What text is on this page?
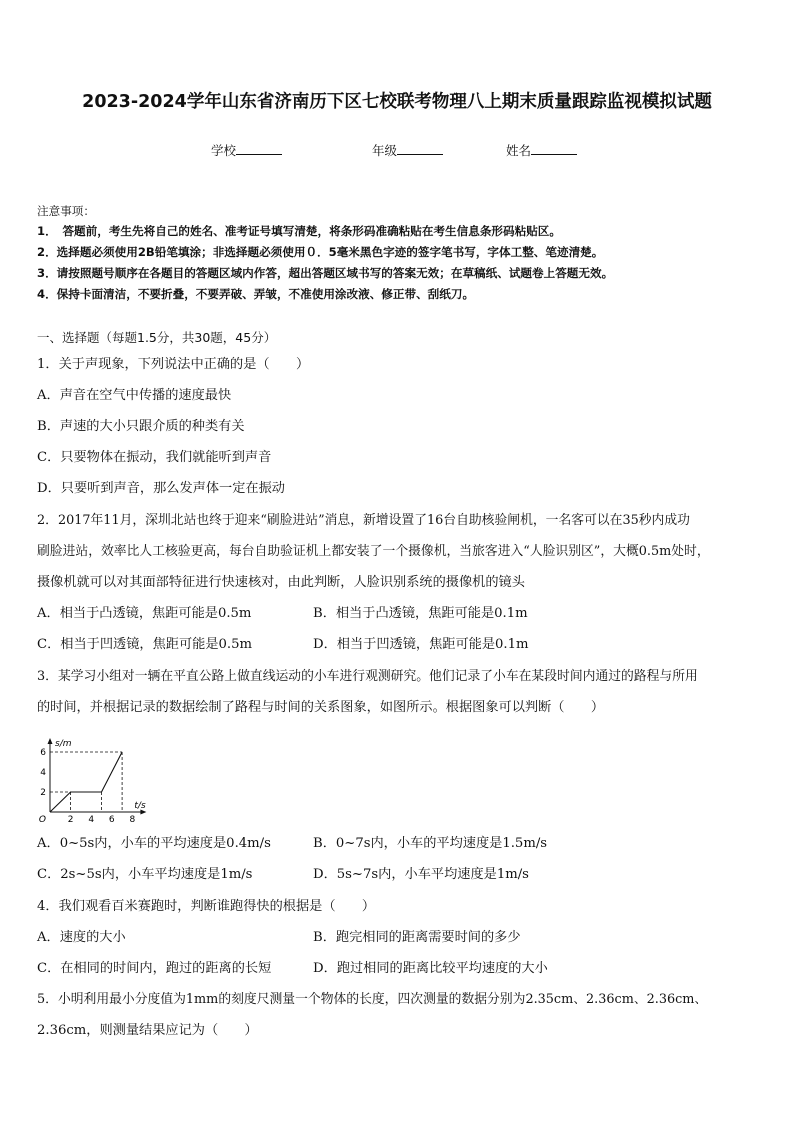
2023-2024学年山东省济南历下区七校联考物理八上期末质量跟踪监视模拟试题
学校	年级	姓名
注意事项：
1．　答题前，考生先将自己的姓名、准考证号填写清楚，将条形码准确粘贴在考生信息条形码粘贴区。
2．选择题必须使用2B铅笔填涂；非选择题必须使用０．5毫米黑色字迹的签字笔书写，字体工整、笔迹清楚。
3．请按照题号顺序在各题目的答题区域内作答，超出答题区域书写的答案无效；在草稿纸、试题卷上答题无效。
4．保持卡面清洁，不要折叠，不要弄破、弄皱，不准使用涂改液、修正带、刮纸刀。
一、选择题（每题1.5分，共30题，45分）
1．关于声现象，下列说法中正确的是（　　）
A．声音在空气中传播的速度最快
B．声速的大小只跟介质的种类有关
C．只要物体在振动，我们就能听到声音
D．只要听到声音，那么发声体一定在振动
2．2017年11月，深圳北站也终于迎来“刷脸进站”消息，新增设置了16台自助核验闸机，一名客可以在35秒内成功
刷脸进站，效率比人工核验更高，每台自助验证机上都安装了一个摄像机，当旅客进入“人脸识别区”，大概0.5m处时，
摄像机就可以对其面部特征进行快速核对，由此判断，人脸识别系统的摄像机的镜头
A．相当于凸透镜，焦距可能是0.5m	B．相当于凸透镜，焦距可能是0.1m
C．相当于凹透镜，焦距可能是0.5m	D．相当于凹透镜，焦距可能是0.1m
3．某学习小组对一辆在平直公路上做直线运动的小车进行观测研究。他们记录了小车在某段时间内通过的路程与所用
的时间，并根据记录的数据绘制了路程与时间的关系图象，如图所示。根据图象可以判断（　　）
2 4 6 8
2
4
6
O
s/m
t/s
A．0~5s内，小车的平均速度是0.4m/s	B．0~7s内，小车的平均速度是1.5m/s
C．2s~5s内，小车平均速度是1m/s	D．5s~7s内，小车平均速度是1m/s
4．我们观看百米赛跑时，判断谁跑得快的根据是（　　）
A．速度的大小	B．跑完相同的距离需要时间的多少
C．在相同的时间内，跑过的距离的长短	D．跑过相同的距离比较平均速度的大小
5．小明利用最小分度值为1mm的刻度尺测量一个物体的长度，四次测量的数据分别为2.35cm、2.36cm、2.36cm、
2.36cm，则测量结果应记为（　　）
